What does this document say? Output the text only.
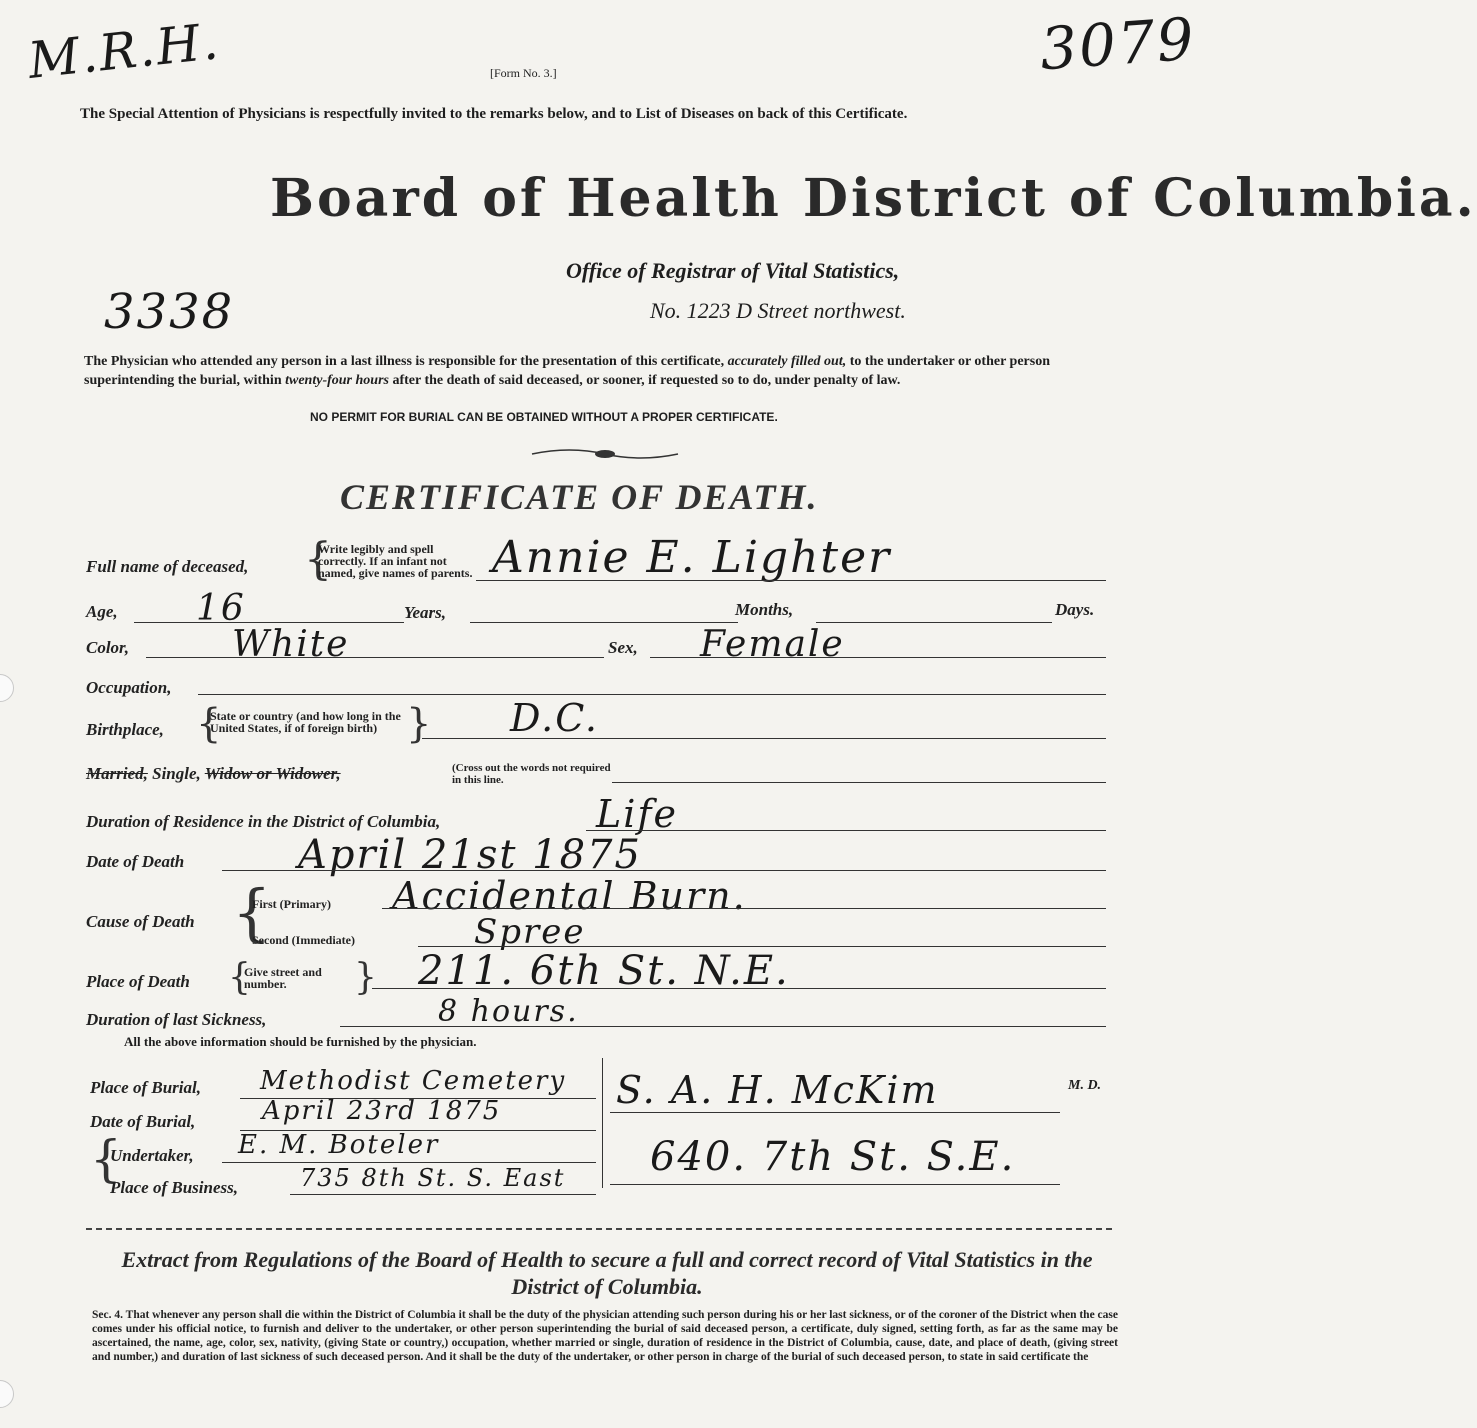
M.R.H.	3079
[Form No. 3.]
The Special Attention of Physicians is respectfully invited to the remarks below, and to List of Diseases on back of this Certificate.
Board of Health District of Columbia.
Office of Registrar of Vital Statistics,
No. 1223 D Street northwest.
3338
The Physician who attended any person in a last illness is responsible for the presentation of this certificate, accurately filled out, to the undertaker or other person superintending the burial, within twenty-four hours after the death of said deceased, or sooner, if requested so to do, under penalty of law.
NO PERMIT FOR BURIAL CAN BE OBTAINED WITHOUT A PROPER CERTIFICATE.
CERTIFICATE OF DEATH.
Full name of deceased, {
Write legibly and spell correctly. If an infant not named, give names of parents. Annie E. Lighter
Age, 16	Years,	Months,	Days.
Color,	White	Sex, Female
Occupation,
Birthplace, {
State or country (and how long in the United States, if of foreign birth) } D.C.
Married, Single, Widow or Widower,	(Cross out the words not required in this line.
Duration of Residence in the District of Columbia,	Life
Date of Death	April 21st 1875
Cause of Death {
First (Primary) Accidental Burn.
Second (Immediate)	Spree
Place of Death {
Give street and number.	} 211. 6th St. N.E.
Duration of last Sickness,	8 hours.
All the above information should be furnished by the physician.
Place of Burial, Methodist Cemetery
Date of Burial,	April 23rd 1875
{
Undertaker, E. M. Boteler
Place of Business,	735 8th St. S. East
S. A. H. McKim	M. D.
640. 7th St. S.E.
Extract from Regulations of the Board of Health to secure a full and correct record of Vital Statistics in the District of Columbia.
Sec. 4. That whenever any person shall die within the District of Columbia it shall be the duty of the physician attending such person during his or her last sickness, or of the coroner of the District when the case comes under his official notice, to furnish and deliver to the undertaker, or other person superintending the burial of said deceased person, a certificate, duly signed, setting forth, as far as the same may be ascertained, the name, age, color, sex, nativity, (giving State or country,) occupation, whether married or single, duration of residence in the District of Columbia, cause, date, and place of death, (giving street and number,) and duration of last sickness of such deceased person. And it shall be the duty of the undertaker, or other person in charge of the burial of such deceased person, to state in said certificate the
